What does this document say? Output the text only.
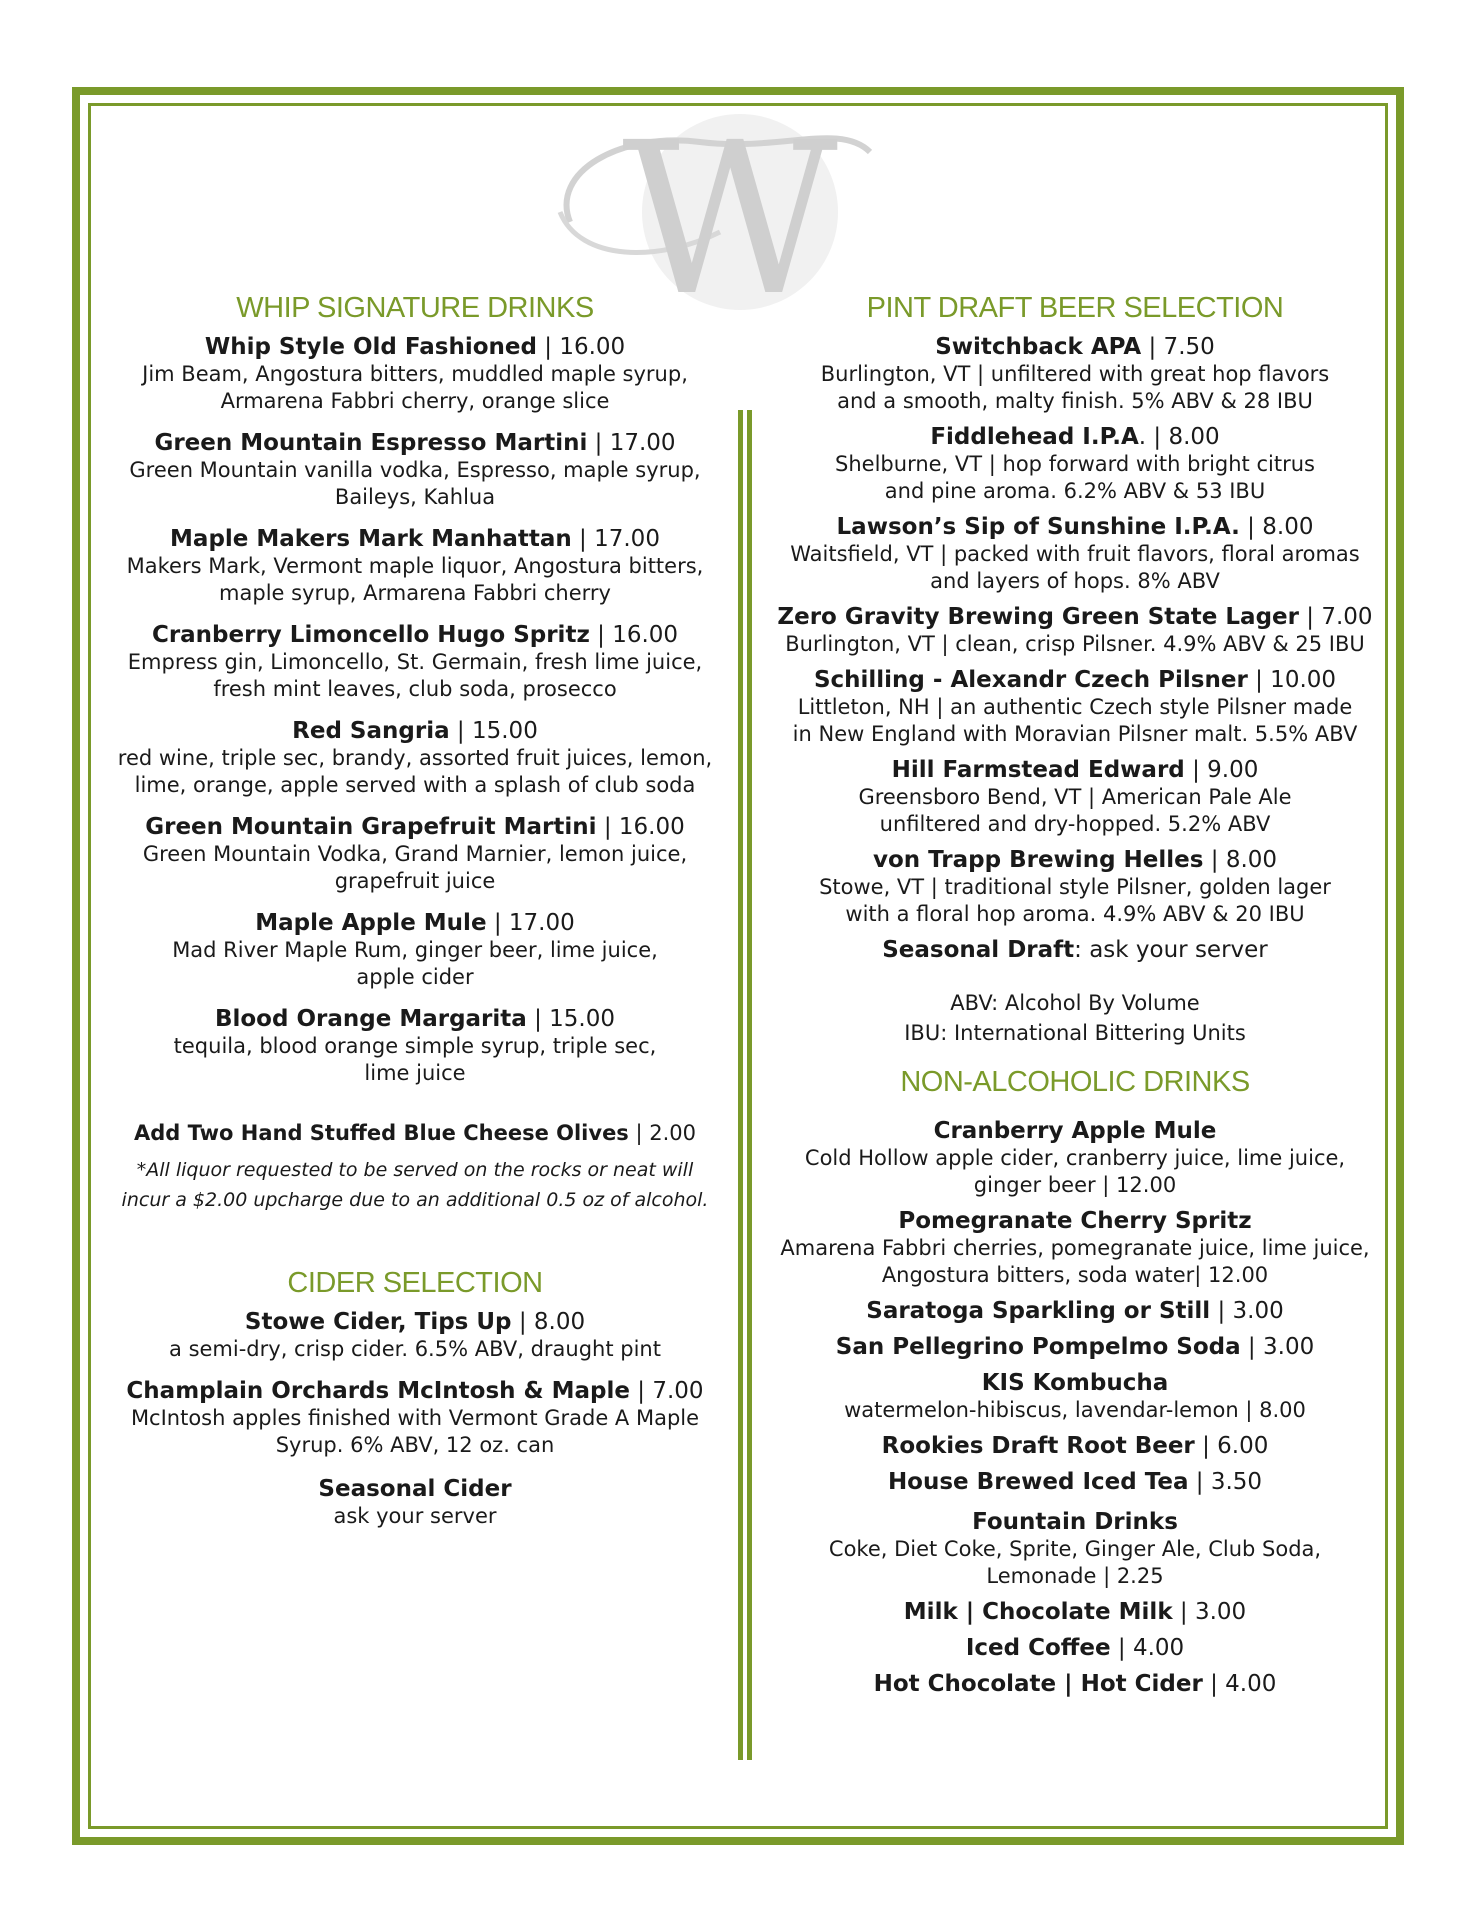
W
WHIP SIGNATURE DRINKS
Whip Style Old Fashioned | 16.00
Jim Beam, Angostura bitters, muddled maple syrup,
Armarena Fabbri cherry, orange slice
Green Mountain Espresso Martini | 17.00
Green Mountain vanilla vodka, Espresso, maple syrup,
Baileys, Kahlua
Maple Makers Mark Manhattan | 17.00
Makers Mark, Vermont maple liquor, Angostura bitters,
maple syrup, Armarena Fabbri cherry
Cranberry Limoncello Hugo Spritz | 16.00
Empress gin, Limoncello, St. Germain, fresh lime juice,
fresh mint leaves, club soda, prosecco
Red Sangria | 15.00
red wine, triple sec, brandy, assorted fruit juices, lemon,
lime, orange, apple served with a splash of club soda
Green Mountain Grapefruit Martini | 16.00
Green Mountain Vodka, Grand Marnier, lemon juice,
grapefruit juice
Maple Apple Mule | 17.00
Mad River Maple Rum, ginger beer, lime juice,
apple cider
Blood Orange Margarita | 15.00
tequila, blood orange simple syrup, triple sec,
lime juice
Add Two Hand Stuffed Blue Cheese Olives | 2.00
*All liquor requested to be served on the rocks or neat will
incur a $2.00 upcharge due to an additional 0.5 oz of alcohol.
CIDER SELECTION
Stowe Cider, Tips Up | 8.00
a semi-dry, crisp cider. 6.5% ABV, draught pint
Champlain Orchards McIntosh & Maple | 7.00
McIntosh apples finished with Vermont Grade A Maple
Syrup. 6% ABV, 12 oz. can
Seasonal Cider
ask your server
PINT DRAFT BEER SELECTION
Switchback APA | 7.50
Burlington, VT | unfiltered with great hop flavors
and a smooth, malty finish. 5% ABV & 28 IBU
Fiddlehead I.P.A. | 8.00
Shelburne, VT | hop forward with bright citrus
and pine aroma. 6.2% ABV & 53 IBU
Lawson’s Sip of Sunshine I.P.A. | 8.00
Waitsfield, VT | packed with fruit flavors, floral aromas
and layers of hops. 8% ABV
Zero Gravity Brewing Green State Lager | 7.00
Burlington, VT | clean, crisp Pilsner. 4.9% ABV & 25 IBU
Schilling - Alexandr Czech Pilsner | 10.00
Littleton, NH | an authentic Czech style Pilsner made
in New England with Moravian Pilsner malt. 5.5% ABV
Hill Farmstead Edward | 9.00
Greensboro Bend, VT | American Pale Ale
unfiltered and dry-hopped. 5.2% ABV
von Trapp Brewing Helles | 8.00
Stowe, VT | traditional style Pilsner, golden lager
with a floral hop aroma. 4.9% ABV & 20 IBU
Seasonal Draft: ask your server
ABV: Alcohol By Volume
IBU: International Bittering Units
NON-ALCOHOLIC DRINKS
Cranberry Apple Mule
Cold Hollow apple cider, cranberry juice, lime juice,
ginger beer | 12.00
Pomegranate Cherry Spritz
Amarena Fabbri cherries, pomegranate juice, lime juice,
Angostura bitters, soda water| 12.00
Saratoga Sparkling or Still | 3.00
San Pellegrino Pompelmo Soda | 3.00
KIS Kombucha
watermelon-hibiscus, lavendar-lemon | 8.00
Rookies Draft Root Beer | 6.00
House Brewed Iced Tea | 3.50
Fountain Drinks
Coke, Diet Coke, Sprite, Ginger Ale, Club Soda,
Lemonade | 2.25
Milk | Chocolate Milk | 3.00
Iced Coffee | 4.00
Hot Chocolate | Hot Cider | 4.00
